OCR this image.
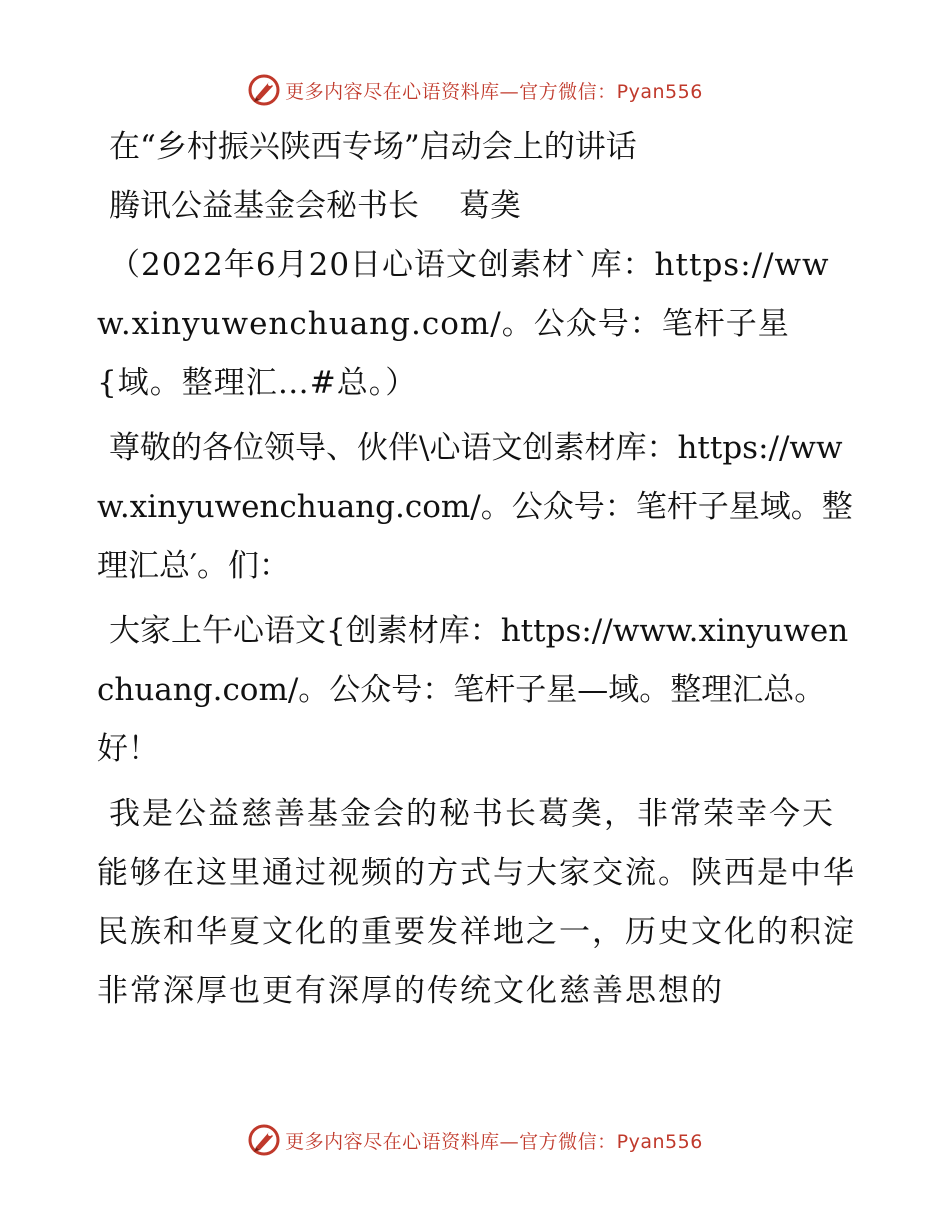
更多内容尽在心语资料库—官方微信：Pyan556

在“乡村振兴陕西专场”启动会上的讲话

腾讯公益基金会秘书长 葛䶮

（2022年6月20日心语文创素材`库：https://www.xinyuwenchuang.com/。公众号：笔杆子星{域。整理汇…#总。）

尊敬的各位领导、伙伴\心语文创素材库：https://www.xinyuwenchuang.com/。公众号：笔杆子星域。整理汇总′。们：

大家上午心语文{创素材库：https://www.xinyuwenchuang.com/。公众号：笔杆子星—域。整理汇总。好！

我是公益慈善基金会的秘书长葛䶮，非常荣幸今天能够在这里通过视频的方式与大家交流。陕西是中华民族和华夏文化的重要发祥地之一，历史文化的积淀非常深厚也更有深厚的传统文化慈善思想的

更多内容尽在心语资料库—官方微信：Pyan556
